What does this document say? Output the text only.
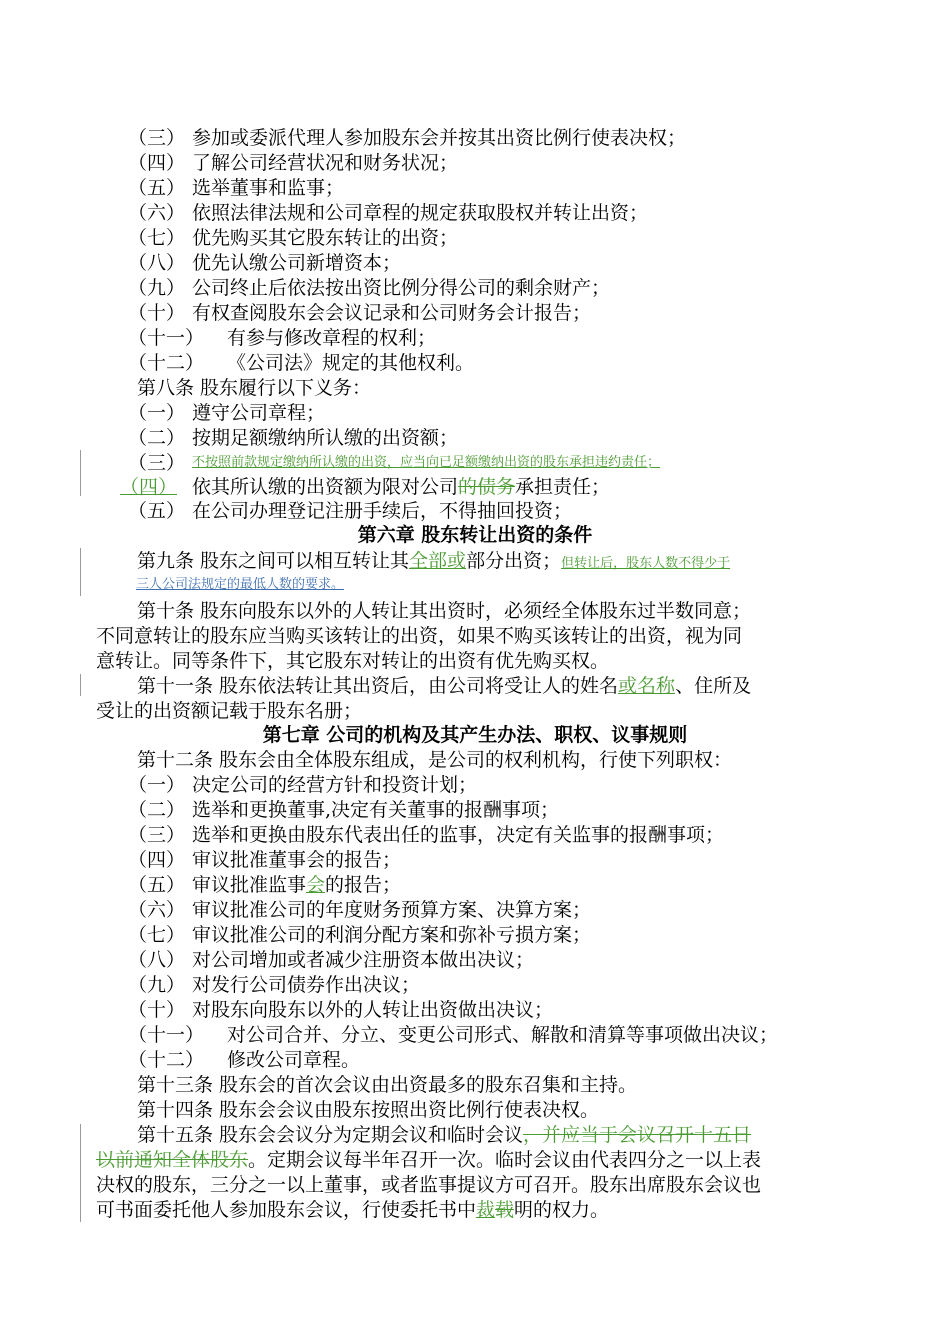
（三） 参加或委派代理人参加股东会并按其出资比例行使表决权；
（四） 了解公司经营状况和财务状况；
（五） 选举董事和监事；
（六） 依照法律法规和公司章程的规定获取股权并转让出资；
（七） 优先购买其它股东转让的出资；
（八） 优先认缴公司新增资本；
（九） 公司终止后依法按出资比例分得公司的剩余财产；
（十） 有权查阅股东会会议记录和公司财务会计报告；
（十一） 有参与修改章程的权利；
（十二） 《公司法》规定的其他权利。
第八条 股东履行以下义务：
（一） 遵守公司章程；
（二） 按期足额缴纳所认缴的出资额；
（三） 不按照前款规定缴纳所认缴的出资，应当向已足额缴纳出资的股东承担违约责任；
（四） 依其所认缴的出资额为限对公司的债务承担责任；
（五） 在公司办理登记注册手续后，不得抽回投资；
第六章 股东转让出资的条件
第九条 股东之间可以相互转让其全部或部分出资；但转让后，股东人数不得少于
三人公司法规定的最低人数的要求。
第十条 股东向股东以外的人转让其出资时，必须经全体股东过半数同意；
不同意转让的股东应当购买该转让的出资，如果不购买该转让的出资，视为同
意转让。同等条件下，其它股东对转让的出资有优先购买权。
第十一条 股东依法转让其出资后，由公司将受让人的姓名或名称、住所及
受让的出资额记载于股东名册；
第七章 公司的机构及其产生办法、职权、议事规则
第十二条 股东会由全体股东组成，是公司的权利机构，行使下列职权：
（一） 决定公司的经营方针和投资计划；
（二） 选举和更换董事,决定有关董事的报酬事项；
（三） 选举和更换由股东代表出任的监事，决定有关监事的报酬事项；
（四） 审议批准董事会的报告；
（五） 审议批准监事会的报告；
（六） 审议批准公司的年度财务预算方案、决算方案；
（七） 审议批准公司的利润分配方案和弥补亏损方案；
（八） 对公司增加或者减少注册资本做出决议；
（九） 对发行公司债券作出决议；
（十） 对股东向股东以外的人转让出资做出决议；
（十一） 对公司合并、分立、变更公司形式、解散和清算等事项做出决议；
（十二） 修改公司章程。
第十三条 股东会的首次会议由出资最多的股东召集和主持。
第十四条 股东会会议由股东按照出资比例行使表决权。
第十五条 股东会会议分为定期会议和临时会议，并应当于会议召开十五日
以前通知全体股东。定期会议每半年召开一次。临时会议由代表四分之一以上表
决权的股东，三分之一以上董事，或者监事提议方可召开。股东出席股东会议也
可书面委托他人参加股东会议，行使委托书中裁载明的权力。
